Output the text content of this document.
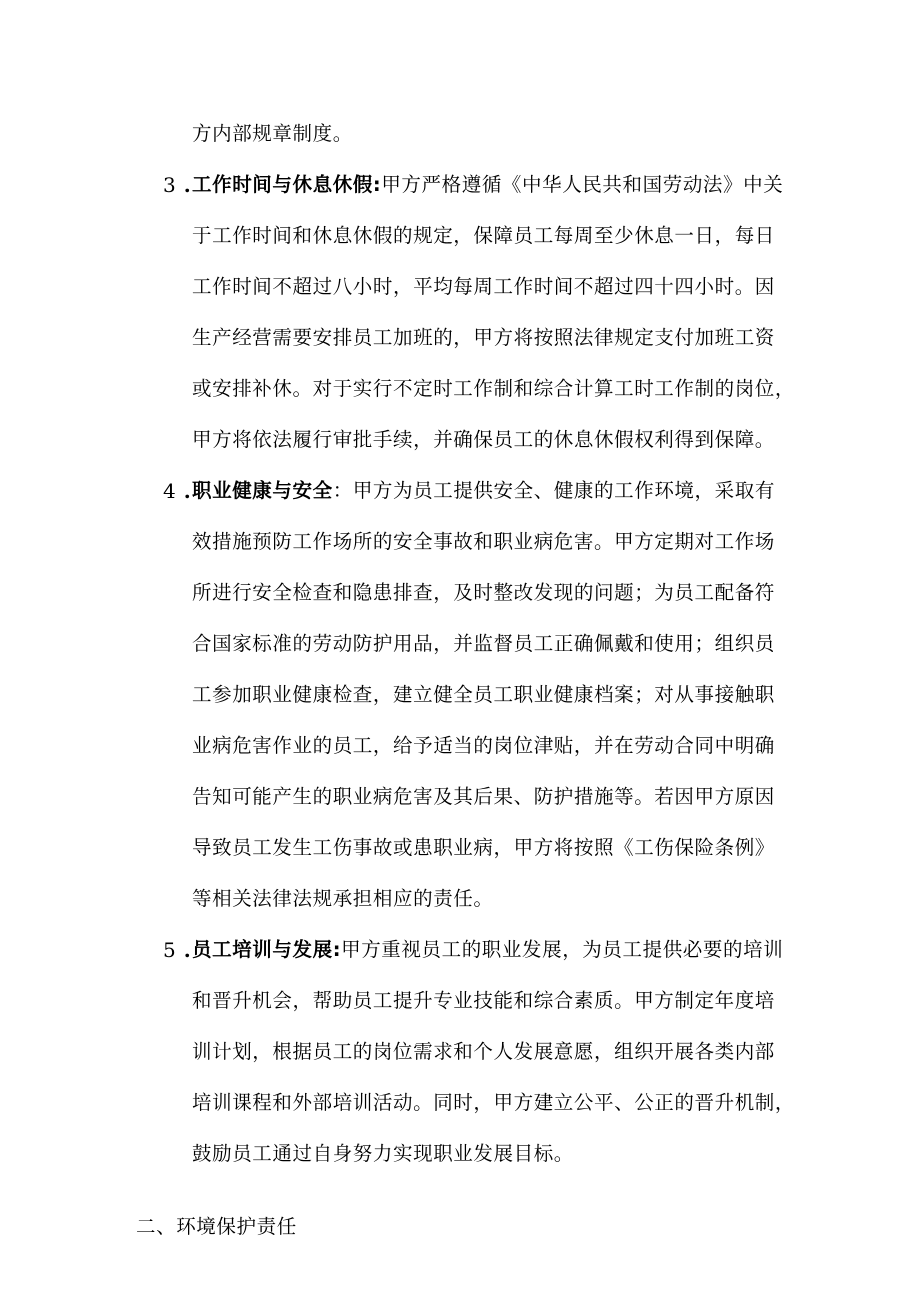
方内部规章制度。
3 . 工作时间与休息休假:甲方严格遵循《中华人民共和国劳动法》中关
于工作时间和休息休假的规定，保障员工每周至少休息一日，每日
工作时间不超过八小时，平均每周工作时间不超过四十四小时。因
生产经营需要安排员工加班的，甲方将按照法律规定支付加班工资
或安排补休。对于实行不定时工作制和综合计算工时工作制的岗位，
甲方将依法履行审批手续，并确保员工的休息休假权利得到保障。
4 . 职业健康与安全：甲方为员工提供安全、健康的工作环境，采取有
效措施预防工作场所的安全事故和职业病危害。甲方定期对工作场
所进行安全检查和隐患排查，及时整改发现的问题；为员工配备符
合国家标准的劳动防护用品，并监督员工正确佩戴和使用；组织员
工参加职业健康检查，建立健全员工职业健康档案；对从事接触职
业病危害作业的员工，给予适当的岗位津贴，并在劳动合同中明确
告知可能产生的职业病危害及其后果、防护措施等。若因甲方原因
导致员工发生工伤事故或患职业病，甲方将按照《工伤保险条例》
等相关法律法规承担相应的责任。
5 . 员工培训与发展:甲方重视员工的职业发展，为员工提供必要的培训
和晋升机会，帮助员工提升专业技能和综合素质。甲方制定年度培
训计划，根据员工的岗位需求和个人发展意愿，组织开展各类内部
培训课程和外部培训活动。同时，甲方建立公平、公正的晋升机制，
鼓励员工通过自身努力实现职业发展目标。
二、环境保护责任
